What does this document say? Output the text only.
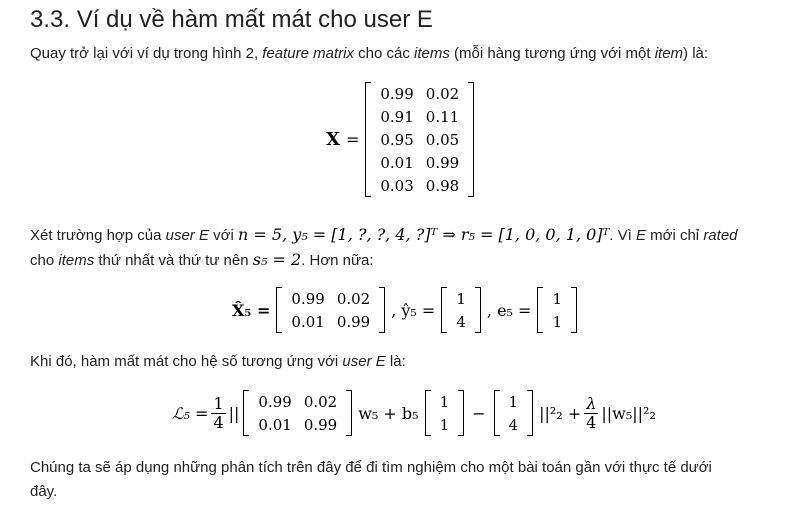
3.3. Ví dụ về hàm mất mát cho user E
Quay trở lại với ví dụ trong hình 2, feature matrix cho các items (mỗi hàng tương ứng với một item) là:
X =
0.99	0.02
0.91	0.11
0.95	0.05
0.01	0.99
0.03	0.98
Xét trường hợp của user E với n = 5, y₅ = [1, ?, ?, 4, ?]ᵀ ⇒ r₅ = [1, 0, 0, 1, 0]ᵀ. Vì E mới chỉ rated
cho items thứ nhất và thứ tư nên s₅ = 2. Hơn nữa:
X̂₅ =
0.99	0.02
0.01	0.99
, ŷ₅ =
1
4
, e₅ =
1
1
Khi đó, hàm mất mát cho hệ số tương ứng với user E là:
ℒ₅ = $\frac{1}{4}$ ||
0.99	0.02
0.01	0.99
w₅ + b₅
1
1
−
1
4
$||^2_2 + \frac{\lambda}{4} ||w_5||^2_2$
Chúng ta sẽ áp dụng những phân tích trên đây để đi tìm nghiệm cho một bài toán gần với thực tế dưới
đây.
